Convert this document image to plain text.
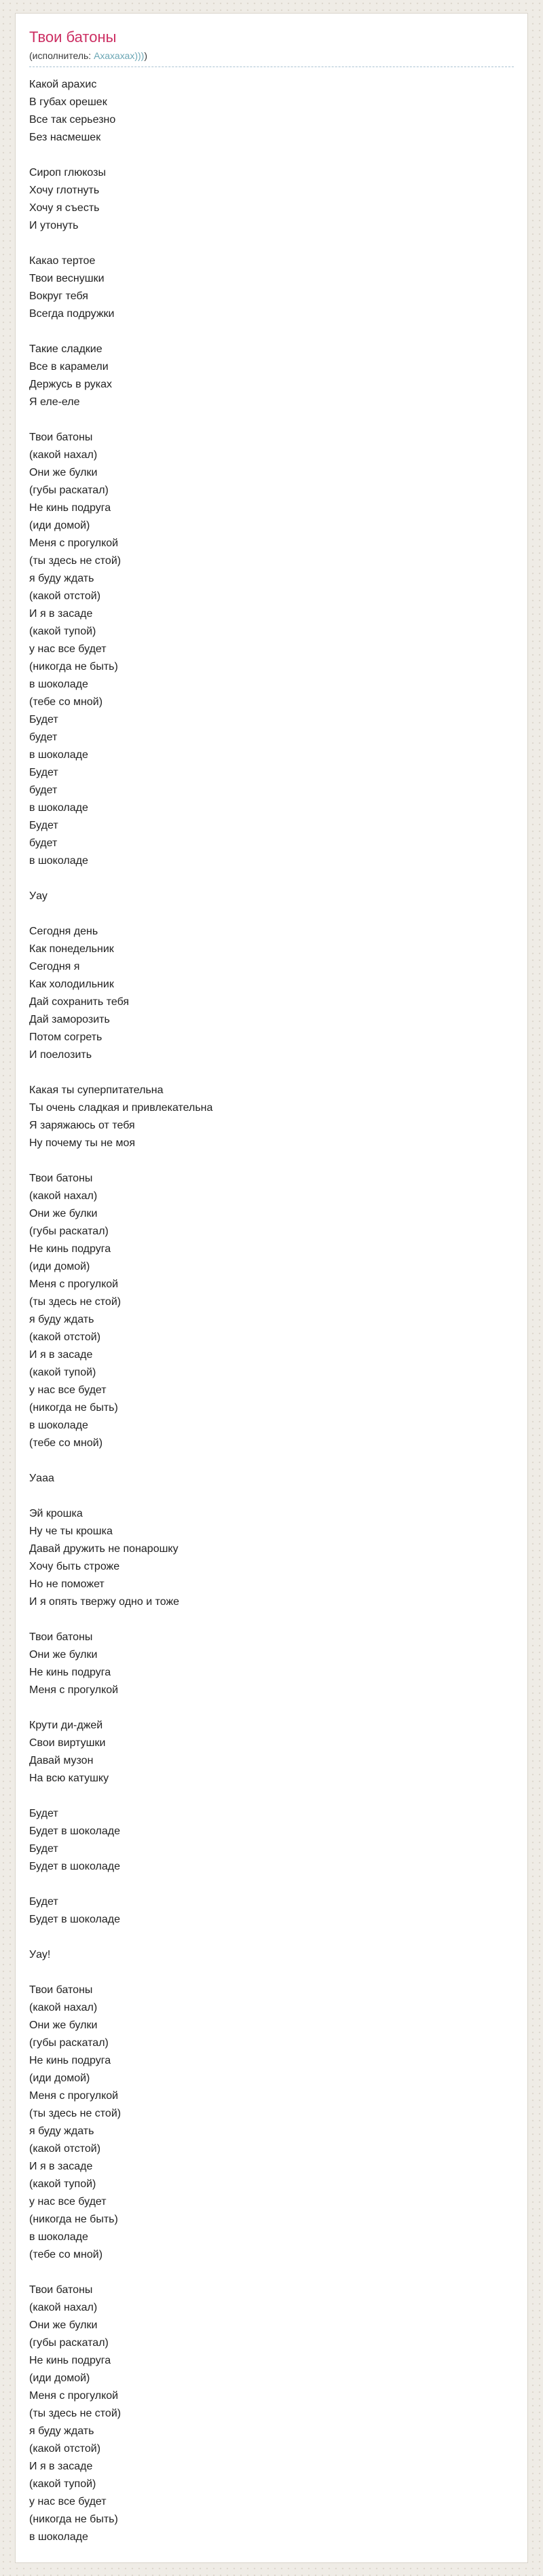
Твои батоны
(исполнитель: Ахахахах))))

Какой арахис
В губах орешек
Все так серьезно
Без насмешек

Сироп глюкозы
Хочу глотнуть
Хочу я съесть
И утонуть

Какао тертое
Твои веснушки
Вокруг тебя
Всегда подружки

Такие сладкие
Все в карамели
Держусь в руках
Я еле-еле

Твои батоны
(какой нахал)
Они же булки
(губы раскатал)
Не кинь подруга
(иди домой)
Меня с прогулкой
(ты здесь не стой)
я буду ждать
(какой отстой)
И я в засаде
(какой тупой)
у нас все будет
(никогда не быть)
в шоколаде
(тебе со мной)
Будет
будет
в шоколаде
Будет
будет
в шоколаде
Будет
будет
в шоколаде

Уау

Сегодня день
Как понедельник
Сегодня я
Как холодильник
Дай сохранить тебя
Дай заморозить
Потом согреть
И поелозить

Какая ты суперпитательна
Ты очень сладкая и привлекательна
Я заряжаюсь от тебя
Ну почему ты не моя

Твои батоны
(какой нахал)
Они же булки
(губы раскатал)
Не кинь подруга
(иди домой)
Меня с прогулкой
(ты здесь не стой)
я буду ждать
(какой отстой)
И я в засаде
(какой тупой)
у нас все будет
(никогда не быть)
в шоколаде
(тебе со мной)

Уааа

Эй крошка
Ну че ты крошка
Давай дружить не понарошку
Хочу быть строже
Но не поможет
И я опять твержу одно и тоже

Твои батоны
Они же булки
Не кинь подруга
Меня с прогулкой

Крути ди-джей
Свои виртушки
Давай музон
На всю катушку

Будет
Будет в шоколаде
Будет
Будет в шоколаде

Будет
Будет в шоколаде

Уау!

Твои батоны
(какой нахал)
Они же булки
(губы раскатал)
Не кинь подруга
(иди домой)
Меня с прогулкой
(ты здесь не стой)
я буду ждать
(какой отстой)
И я в засаде
(какой тупой)
у нас все будет
(никогда не быть)
в шоколаде
(тебе со мной)

Твои батоны
(какой нахал)
Они же булки
(губы раскатал)
Не кинь подруга
(иди домой)
Меня с прогулкой
(ты здесь не стой)
я буду ждать
(какой отстой)
И я в засаде
(какой тупой)
у нас все будет
(никогда не быть)
в шоколаде
